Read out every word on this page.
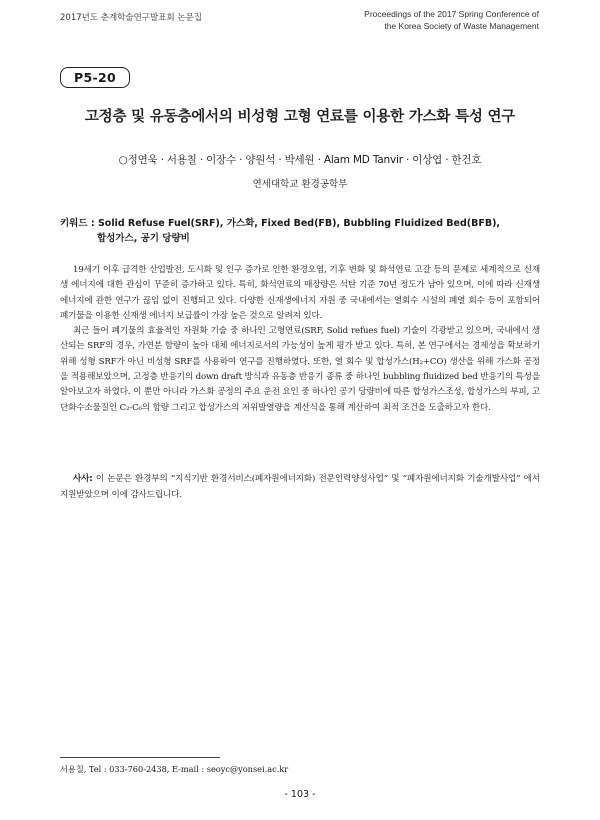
2017년도 춘계학술연구발표회 논문집	Proceedings of the 2017 Spring Conference of
the Korea Society of Waste Management
P5-20
고정층 및 유동층에서의 비성형 고형 연료를 이용한 가스화 특성 연구
○정연욱 · 서용칠 · 이장수 · 양원석 · 박세원 · Alam MD Tanvir · 이상엽 · 한건호
연세대학교 환경공학부
키워드 : Solid Refuse Fuel(SRF), 가스화, Fixed Bed(FB), Bubbling Fluidized Bed(BFB),
합성가스, 공기 당량비

19세기 이후 급격한 산업발전, 도시화 및 인구 증가로 인한 환경오염, 기후 변화 및 화석연료 고갈 등의 문제로 세계적으로 신재생 에너지에 대한 관심이 꾸준히 증가하고 있다. 특히, 화석연료의 매장량은 석탄 기준 70년 정도가 남아 있으며, 이에 따라 신재생 에너지에 관한 연구가 끊임 없이 진행되고 있다. 다양한 신재생에너지 자원 중 국내에서는 열회수 시설의 폐열 회수 등이 포함되어 폐기물을 이용한 신재생 에너지 보급률이 가장 높은 것으로 알려져 있다.

최근 들어 폐기물의 효율적인 자원화 기술 중 하나인 고형연료(SRF, Solid refues fuel) 기술이 각광받고 있으며, 국내에서 생산되는 SRF의 경우, 가연분 함량이 높아 대체 에너지로서의 가능성이 높게 평가 받고 있다. 특히, 본 연구에서는 경제성을 확보하기 위해 성형 SRF가 아닌 비성형 SRF를 사용하여 연구를 진행하였다. 또한, 열 회수 및 합성가스(H₂+CO) 생산을 위해 가스화 공정을 적용해보았으며, 고정층 반응기의 down draft 방식과 유동층 반응기 종류 중 하나인 bubbling fluidized bed 반응기의 특성을 알아보고자 하였다. 이 뿐만 아니라 가스화 공정의 주요 운전 요인 중 하나인 공기 당량비에 따른 합성가스조성, 합성가스의 부피, 고 단화수소물질인 C₂-C₆의 함량 그리고 합성가스의 저위발열량을 계산식을 통해 계산하여 최적 조건을 도출하고자 한다.

사사: 이 논문은 환경부의 “지식기반 환경서비스(폐자원에너지화) 전문인력양성사업” 및 “폐자원에너지화 기술개발사업” 에서 지원받았으며 이에 감사드립니다.

서용칠, Tel : 033-760-2438, E-mail : seoyc@yonsei.ac.kr
- 103 -
